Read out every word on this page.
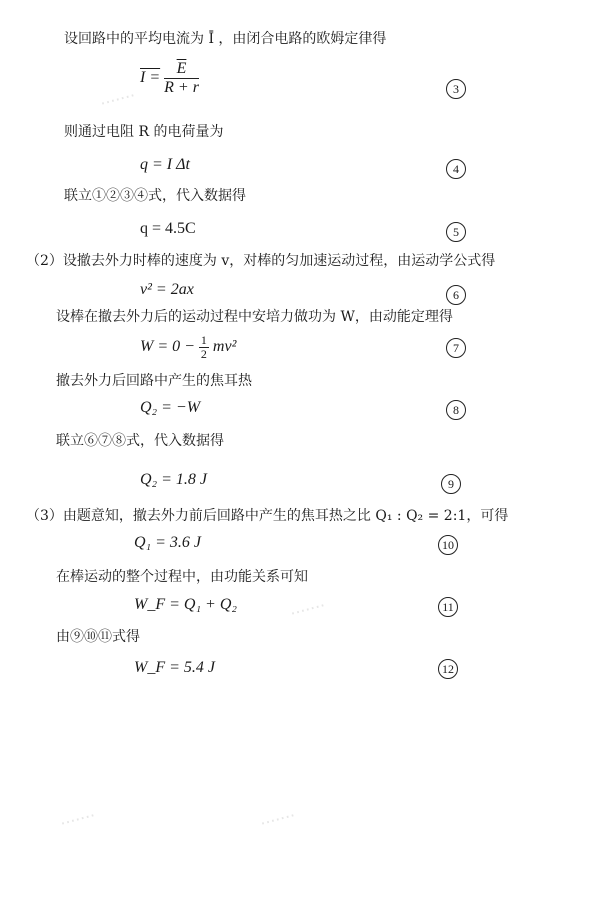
·······
·······
·······	·······
设回路中的平均电流为 Ī ，由闭合电路的欧姆定律得
$I = \frac{\overline{E}}{R + r}$	3
则通过电阻 R 的电荷量为
q = I Δt	4
联立①②③④式，代入数据得
q = 4.5C	5
（2）设撤去外力时棒的速度为 v，对棒的匀加速运动过程，由运动学公式得
v² = 2ax	6
设棒在撤去外力后的运动过程中安培力做功为 W，由动能定理得
$W = 0 - \frac{1}{2} mv^2$	7
撤去外力后回路中产生的焦耳热
Q₂ = −W	8
联立⑥⑦⑧式，代入数据得
Q₂ = 1.8 J	9
（3）由题意知，撤去外力前后回路中产生的焦耳热之比 Q₁ : Q₂ = 2:1，可得
Q₁ = 3.6 J	10
在棒运动的整个过程中，由功能关系可知
W_F = Q₁ + Q₂	11
由⑨⑩⑪式得
W_F = 5.4 J	12
